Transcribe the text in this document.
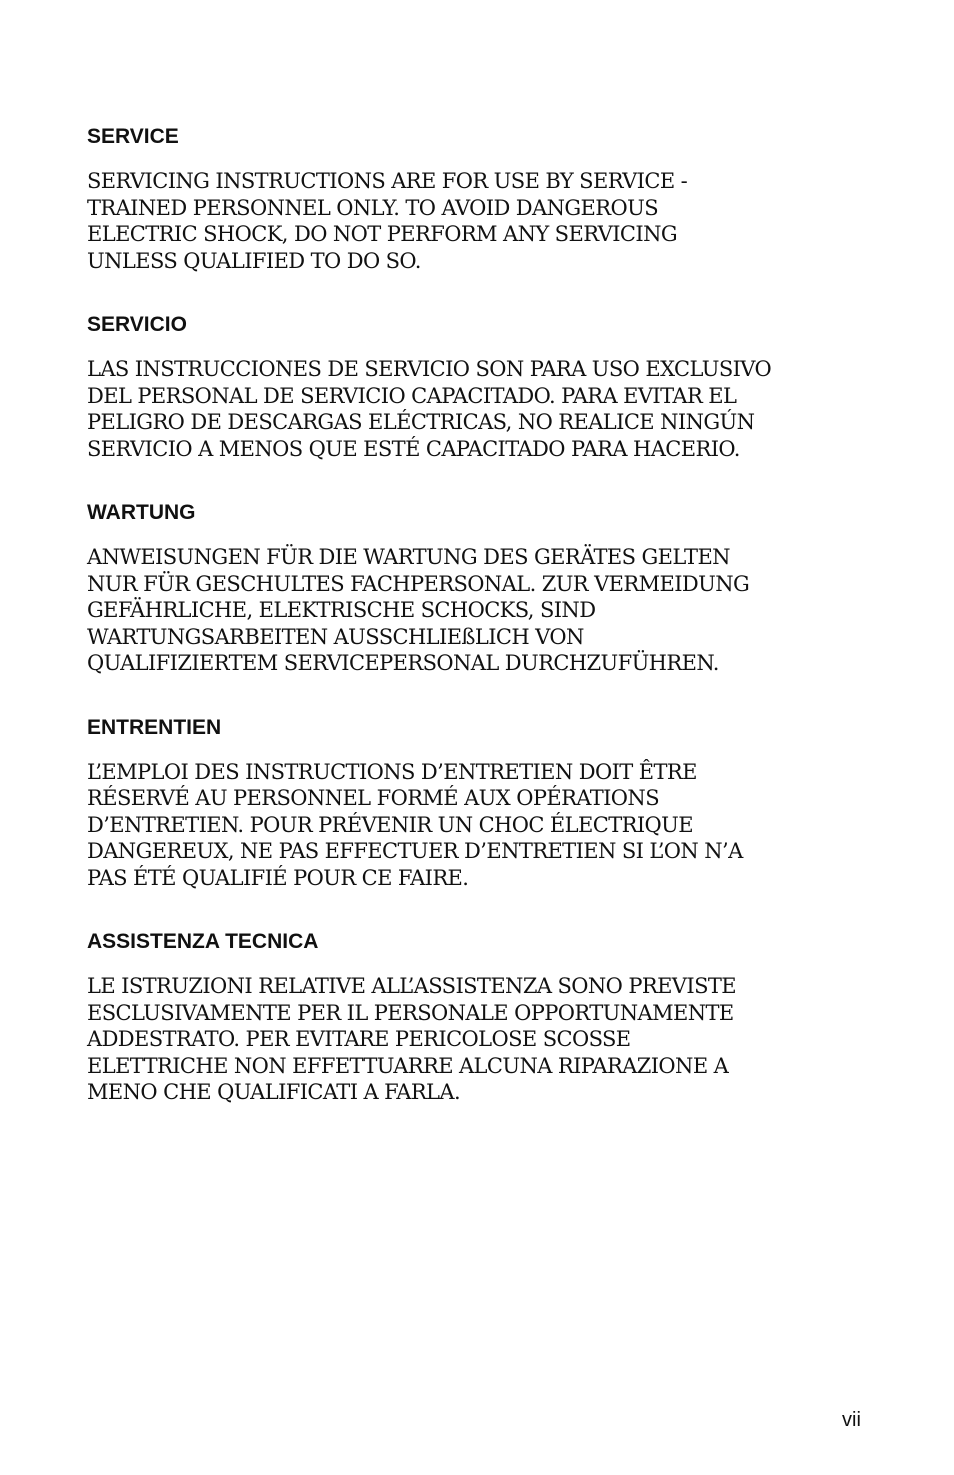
SERVICE

SERVICING INSTRUCTIONS ARE FOR USE BY SERVICE -
TRAINED PERSONNEL ONLY. TO AVOID DANGEROUS
ELECTRIC SHOCK, DO NOT PERFORM ANY SERVICING
UNLESS QUALIFIED TO DO SO.

SERVICIO

LAS INSTRUCCIONES DE SERVICIO SON PARA USO EXCLUSIVO
DEL PERSONAL DE SERVICIO CAPACITADO. PARA EVITAR EL
PELIGRO DE DESCARGAS ELÉCTRICAS, NO REALICE NINGÚN
SERVICIO A MENOS QUE ESTÉ CAPACITADO PARA HACERIO.

WARTUNG

ANWEISUNGEN FÜR DIE WARTUNG DES GERÄTES GELTEN
NUR FÜR GESCHULTES FACHPERSONAL. ZUR VERMEIDUNG
GEFÄHRLICHE, ELEKTRISCHE SCHOCKS, SIND
WARTUNGSARBEITEN AUSSCHLIEßLICH VON
QUALIFIZIERTEM SERVICEPERSONAL DURCHZUFÜHREN.

ENTRENTIEN

L’EMPLOI DES INSTRUCTIONS D’ENTRETIEN DOIT ÊTRE
RÉSERVÉ AU PERSONNEL FORMÉ AUX OPÉRATIONS
D’ENTRETIEN. POUR PRÉVENIR UN CHOC ÉLECTRIQUE
DANGEREUX, NE PAS EFFECTUER D’ENTRETIEN SI L’ON N’A
PAS ÉTÉ QUALIFIÉ POUR CE FAIRE.

ASSISTENZA TECNICA

LE ISTRUZIONI RELATIVE ALL’ASSISTENZA SONO PREVISTE
ESCLUSIVAMENTE PER IL PERSONALE OPPORTUNAMENTE
ADDESTRATO. PER EVITARE PERICOLOSE SCOSSE
ELETTRICHE NON EFFETTUARRE ALCUNA RIPARAZIONE A
MENO CHE QUALIFICATI A FARLA.

vii
